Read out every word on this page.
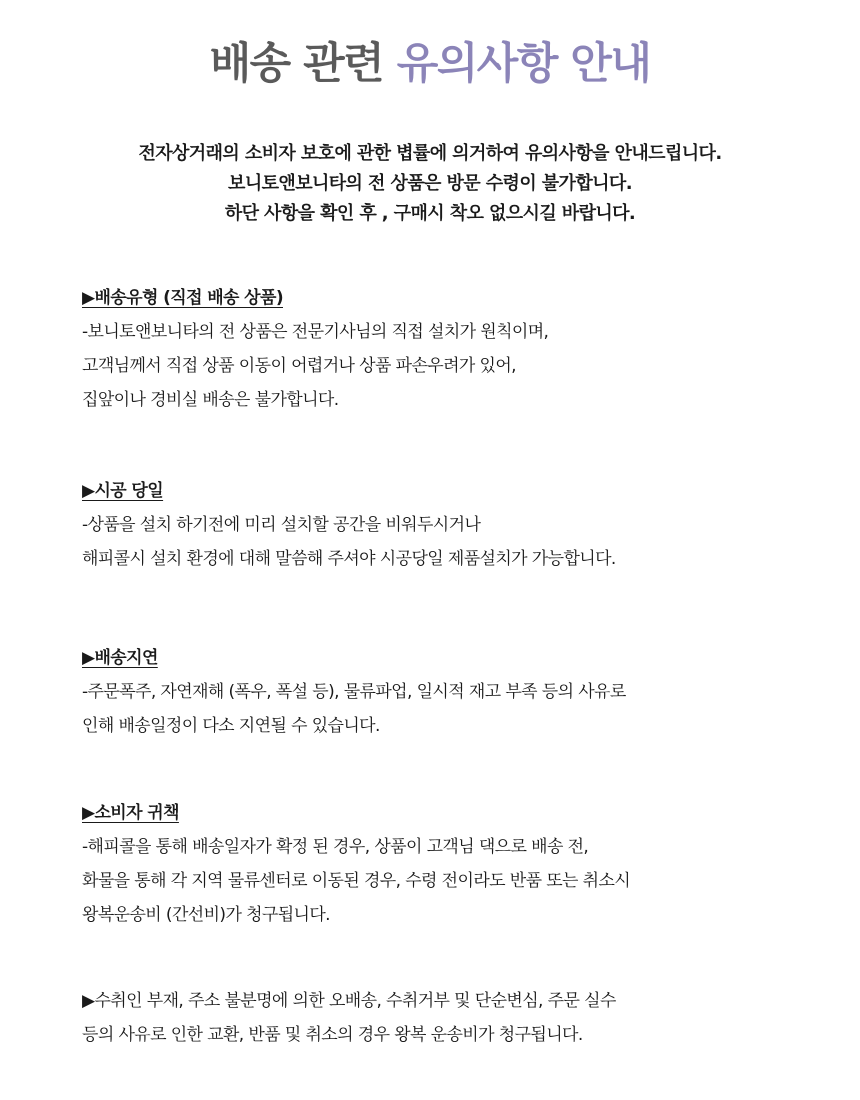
배송 관련 유의사항 안내
전자상거래의 소비자 보호에 관한 볍률에 의거하여 유의사항을 안내드립니다.
보니토앤보니타의 전 상품은 방문 수령이 불가합니다.
하단 사항을 확인 후 , 구매시 착오 없으시길 바랍니다.
▶배송유형 (직접 배송 상품)
-보니토앤보니타의 전 상품은 전문기사님의 직접 설치가 원칙이며,
고객님께서 직접 상품 이동이 어렵거나 상품 파손우려가 있어,
집앞이나 경비실 배송은 불가합니다.
▶시공 당일
-상품을 설치 하기전에 미리 설치할 공간을 비워두시거나
해피콜시 설치 환경에 대해 말씀해 주셔야 시공당일 제품설치가 가능합니다.
▶배송지연
-주문폭주, 자연재해 (폭우, 폭설 등), 물류파업, 일시적 재고 부족 등의 사유로
인해 배송일정이 다소 지연될 수 있습니다.
▶소비자 귀책
-해피콜을 통해 배송일자가 확정 된 경우, 상품이 고객님 댁으로 배송 전,
화물을 통해 각 지역 물류센터로 이동된 경우, 수령 전이라도 반품 또는 취소시
왕복운송비 (간선비)가 청구됩니다.
▶수취인 부재, 주소 불분명에 의한 오배송, 수취거부 및 단순변심, 주문 실수
등의 사유로 인한 교환, 반품 및 취소의 경우 왕복 운송비가 청구됩니다.
